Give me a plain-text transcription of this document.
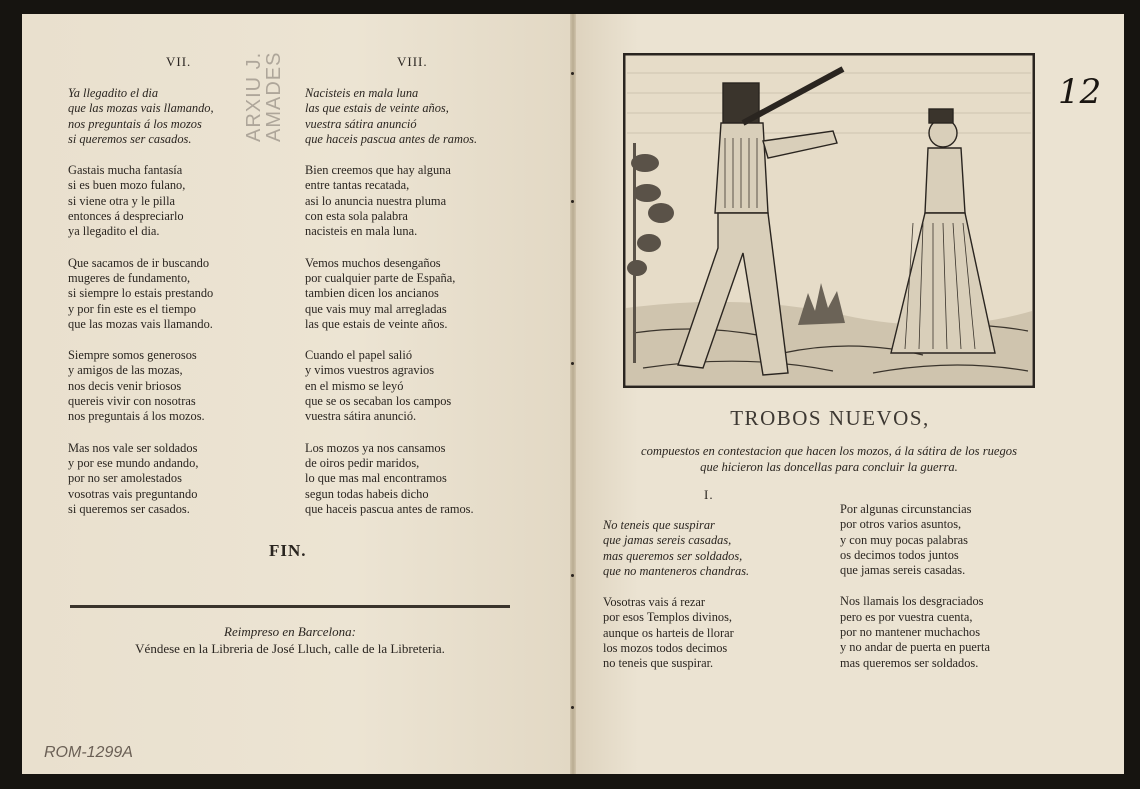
ARXIU J.
AMADES
VII.	VIII.
Ya llegadito el dia
que las mozas vais llamando,
nos preguntais á los mozos
si queremos ser casados.
Gastais mucha fantasía
si es buen mozo fulano,
si viene otra y le pilla
entonces á despreciarlo
ya llegadito el dia.
Que sacamos de ir buscando
mugeres de fundamento,
si siempre lo estais prestando
y por fin este es el tiempo
que las mozas vais llamando.
Siempre somos generosos
y amigos de las mozas,
nos decis venir briosos
quereis vivir con nosotras
nos preguntais á los mozos.
Mas nos vale ser soldados
y por ese mundo andando,
por no ser amolestados
vosotras vais preguntando
si queremos ser casados.
Nacisteis en mala luna
las que estais de veinte años,
vuestra sátira anunció
que haceis pascua antes de ramos.
Bien creemos que hay alguna
entre tantas recatada,
asi lo anuncia nuestra pluma
con esta sola palabra
nacisteis en mala luna.
Vemos muchos desengaños
por cualquier parte de España,
tambien dicen los ancianos
que vais muy mal arregladas
las que estais de veinte años.
Cuando el papel salió
y vimos vuestros agravios
en el mismo se leyó
que se os secaban los campos
vuestra sátira anunció.
Los mozos ya nos cansamos
de oiros pedir maridos,
lo que mas mal encontramos
segun todas habeis dicho
que haceis pascua antes de ramos.
FIN.
Reimpreso en Barcelona:
Véndese en la Libreria de José Lluch, calle de la Libreteria.
ROM-1299A
12
TROBOS NUEVOS,
compuestos en contestacion que hacen los mozos, á la sátira de los ruegos
que hicieron las doncellas para concluir la guerra.
I.
No teneis que suspirar
que jamas sereis casadas,
mas queremos ser soldados,
que no manteneros chandras.
Vosotras vais á rezar
por esos Templos divinos,
aunque os harteis de llorar
los mozos todos decimos
no teneis que suspirar.
Por algunas circunstancias
por otros varios asuntos,
y con muy pocas palabras
os decimos todos juntos
que jamas sereis casadas.
Nos llamais los desgraciados
pero es por vuestra cuenta,
por no mantener muchachos
y no andar de puerta en puerta
mas queremos ser soldados.
